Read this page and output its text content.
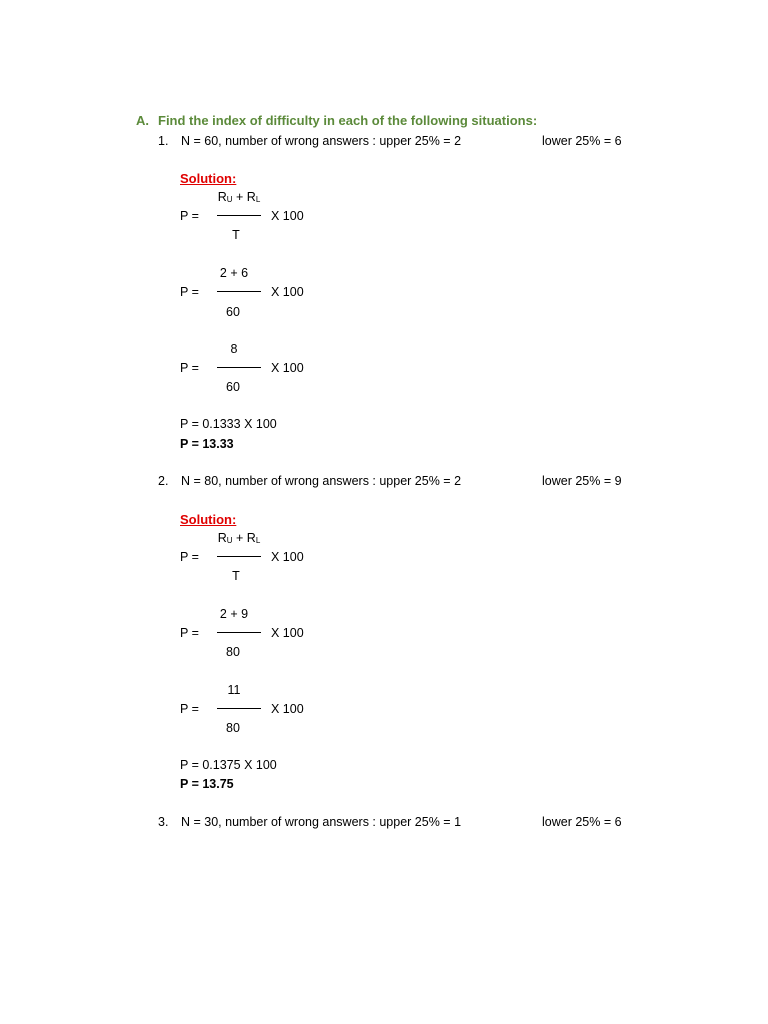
A. Find the index of difficulty in each of the following situations:
1. N = 60, number of wrong answers : upper 25% = 2	lower 25% = 6
Solution:
$R_U + R_L$
P =	X 100
T
2 + 6
P =	X 100
60
8
P =	X 100
60
P = 0.1333 X 100
P = 13.33
2. N = 80, number of wrong answers : upper 25% = 2	lower 25% = 9
Solution:
$R_U + R_L$
P =	X 100
T
2 + 9
P =	X 100
80
11
P =	X 100
80
P = 0.1375 X 100
P = 13.75
3. N = 30, number of wrong answers : upper 25% = 1	lower 25% = 6
